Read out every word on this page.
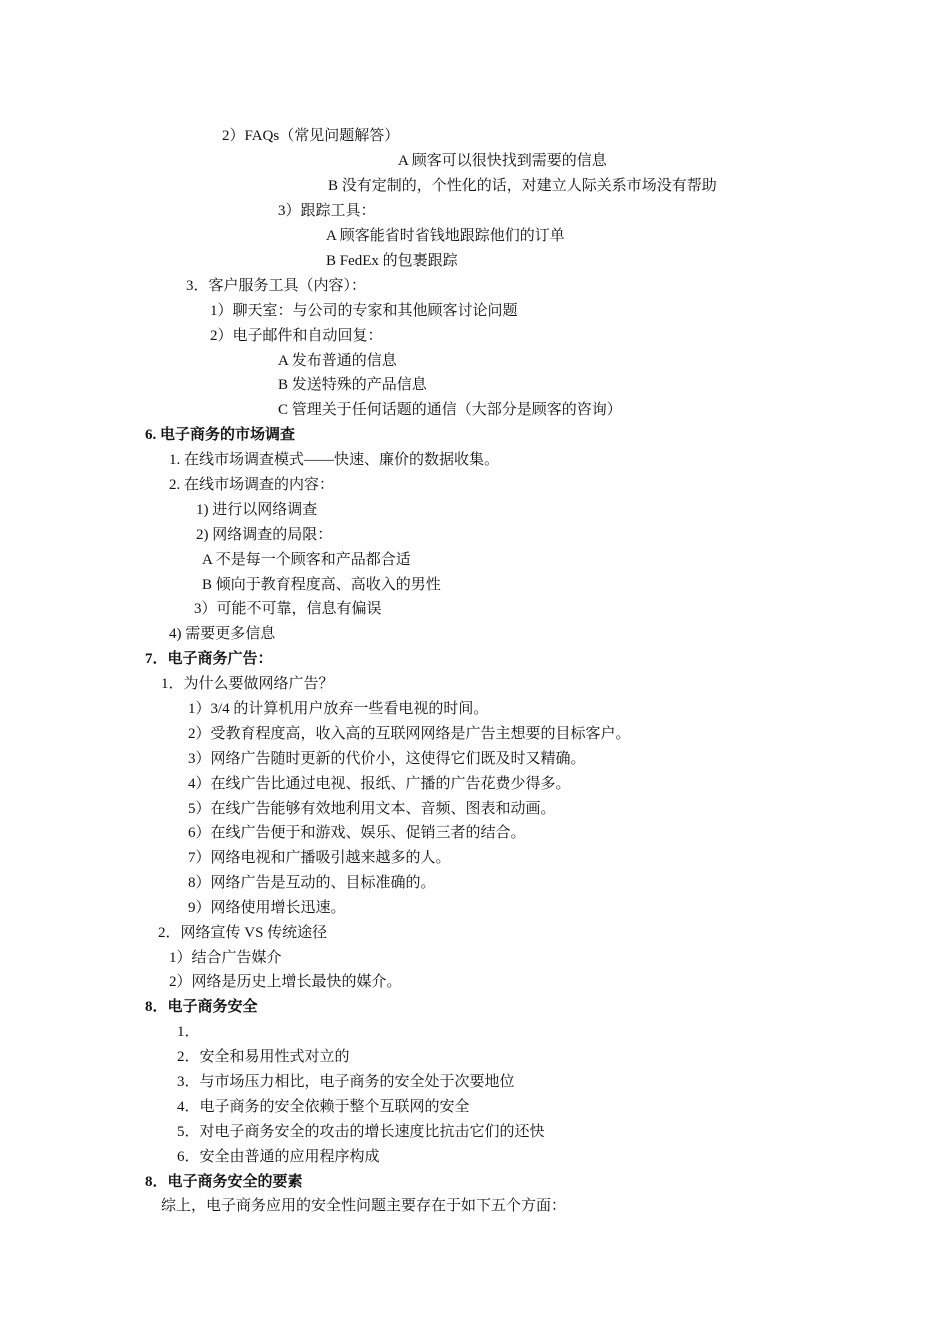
2）FAQs（常见问题解答）
A 顾客可以很快找到需要的信息
B 没有定制的，个性化的话，对建立人际关系市场没有帮助
3）跟踪工具：
A 顾客能省时省钱地跟踪他们的订单
B FedEx 的包裹跟踪
3．客户服务工具（内容）：
1）聊天室：与公司的专家和其他顾客讨论问题
2）电子邮件和自动回复：
A 发布普通的信息
B 发送特殊的产品信息
C 管理关于任何话题的通信（大部分是顾客的咨询）
6. 电子商务的市场调查
1. 在线市场调查模式——快速、廉价的数据收集。
2. 在线市场调查的内容：
1) 进行以网络调查
2) 网络调查的局限：
A 不是每一个顾客和产品都合适
B 倾向于教育程度高、高收入的男性
3）可能不可靠，信息有偏误
4) 需要更多信息
7．电子商务广告：
1．为什么要做网络广告？
1）3/4 的计算机用户放弃一些看电视的时间。
2）受教育程度高，收入高的互联网网络是广告主想要的目标客户。
3）网络广告随时更新的代价小，这使得它们既及时又精确。
4）在线广告比通过电视、报纸、广播的广告花费少得多。
5）在线广告能够有效地利用文本、音频、图表和动画。
6）在线广告便于和游戏、娱乐、促销三者的结合。
7）网络电视和广播吸引越来越多的人。
8）网络广告是互动的、目标准确的。
9）网络使用增长迅速。
2．网络宣传 VS 传统途径
1）结合广告媒介
2）网络是历史上增长最快的媒介。
8．电子商务安全
1．
2．安全和易用性式对立的
3．与市场压力相比，电子商务的安全处于次要地位
4．电子商务的安全依赖于整个互联网的安全
5．对电子商务安全的攻击的增长速度比抗击它们的还快
6．安全由普通的应用程序构成
8．电子商务安全的要素
综上，电子商务应用的安全性问题主要存在于如下五个方面：
